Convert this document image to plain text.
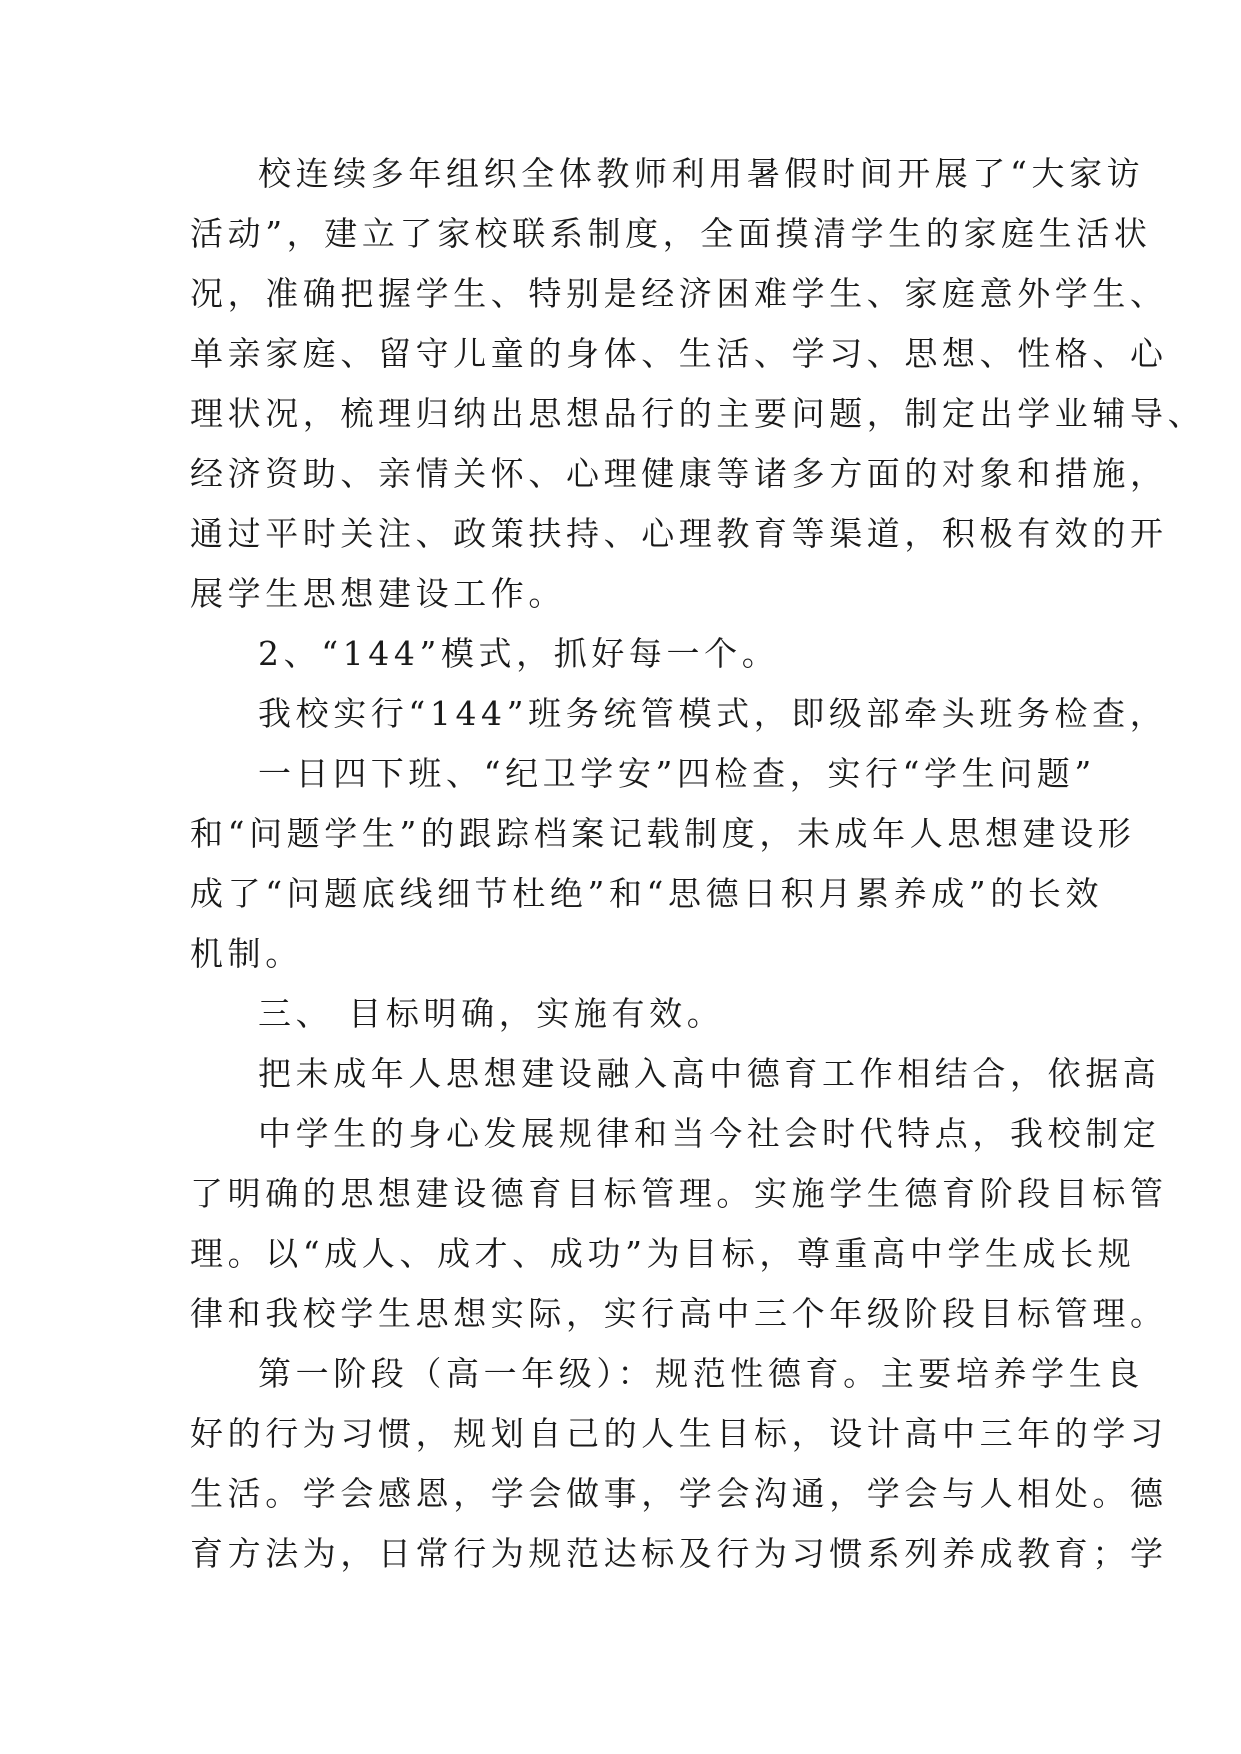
校连续多年组织全体教师利用暑假时间开展了“大家访
活动”，建立了家校联系制度，全面摸清学生的家庭生活状
况，准确把握学生、特别是经济困难学生、家庭意外学生、
单亲家庭、留守儿童的身体、生活、学习、思想、性格、心
理状况，梳理归纳出思想品行的主要问题，制定出学业辅导、
经济资助、亲情关怀、心理健康等诸多方面的对象和措施，
通过平时关注、政策扶持、心理教育等渠道，积极有效的开
展学生思想建设工作。
2、“144”模式，抓好每一个。
我校实行“144”班务统管模式，即级部牵头班务检查，
一日四下班、“纪卫学安”四检查，实行“学生问题”
和“问题学生”的跟踪档案记载制度，未成年人思想建设形
成了“问题底线细节杜绝”和“思德日积月累养成”的长效
机制。
三、 目标明确，实施有效。
把未成年人思想建设融入高中德育工作相结合，依据高
中学生的身心发展规律和当今社会时代特点，我校制定
了明确的思想建设德育目标管理。实施学生德育阶段目标管
理。以“成人、成才、成功”为目标，尊重高中学生成长规
律和我校学生思想实际，实行高中三个年级阶段目标管理。
第一阶段（高一年级）：规范性德育。主要培养学生良
好的行为习惯，规划自己的人生目标，设计高中三年的学习
生活。学会感恩，学会做事，学会沟通，学会与人相处。德
育方法为，日常行为规范达标及行为习惯系列养成教育；学
